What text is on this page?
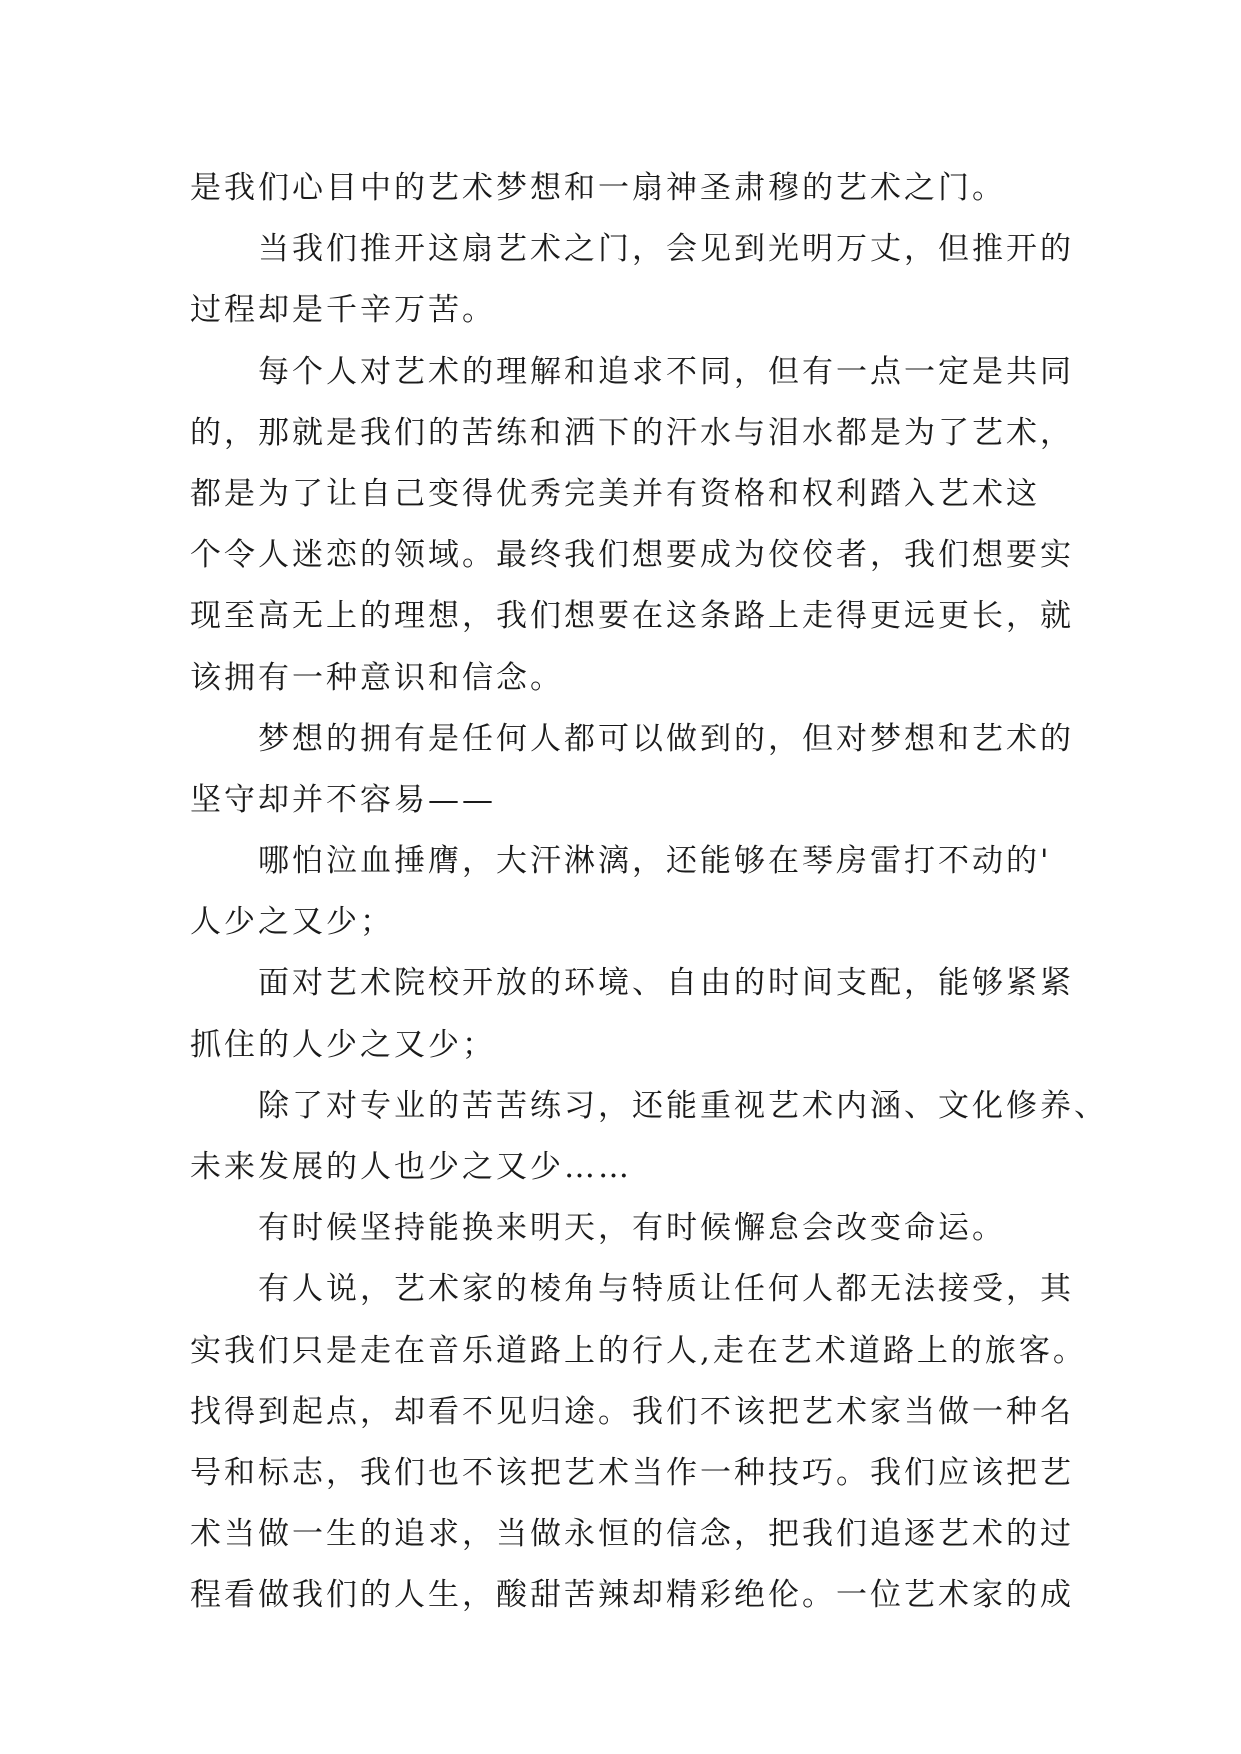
是我们心目中的艺术梦想和一扇神圣肃穆的艺术之门。
当我们推开这扇艺术之门，会见到光明万丈，但推开的
过程却是千辛万苦。
每个人对艺术的理解和追求不同，但有一点一定是共同
的，那就是我们的苦练和洒下的汗水与泪水都是为了艺术，
都是为了让自己变得优秀完美并有资格和权利踏入艺术这
个令人迷恋的领域。最终我们想要成为佼佼者，我们想要实
现至高无上的理想，我们想要在这条路上走得更远更长，就
该拥有一种意识和信念。
梦想的拥有是任何人都可以做到的，但对梦想和艺术的
坚守却并不容易——
哪怕泣血捶膺，大汗淋漓，还能够在琴房雷打不动的'
人少之又少；
面对艺术院校开放的环境、自由的时间支配，能够紧紧
抓住的人少之又少；
除了对专业的苦苦练习，还能重视艺术内涵、文化修养、
未来发展的人也少之又少……
有时候坚持能换来明天，有时候懈怠会改变命运。
有人说，艺术家的棱角与特质让任何人都无法接受，其
实我们只是走在音乐道路上的行人,走在艺术道路上的旅客。
找得到起点，却看不见归途。我们不该把艺术家当做一种名
号和标志，我们也不该把艺术当作一种技巧。我们应该把艺
术当做一生的追求，当做永恒的信念，把我们追逐艺术的过
程看做我们的人生，酸甜苦辣却精彩绝伦。一位艺术家的成
